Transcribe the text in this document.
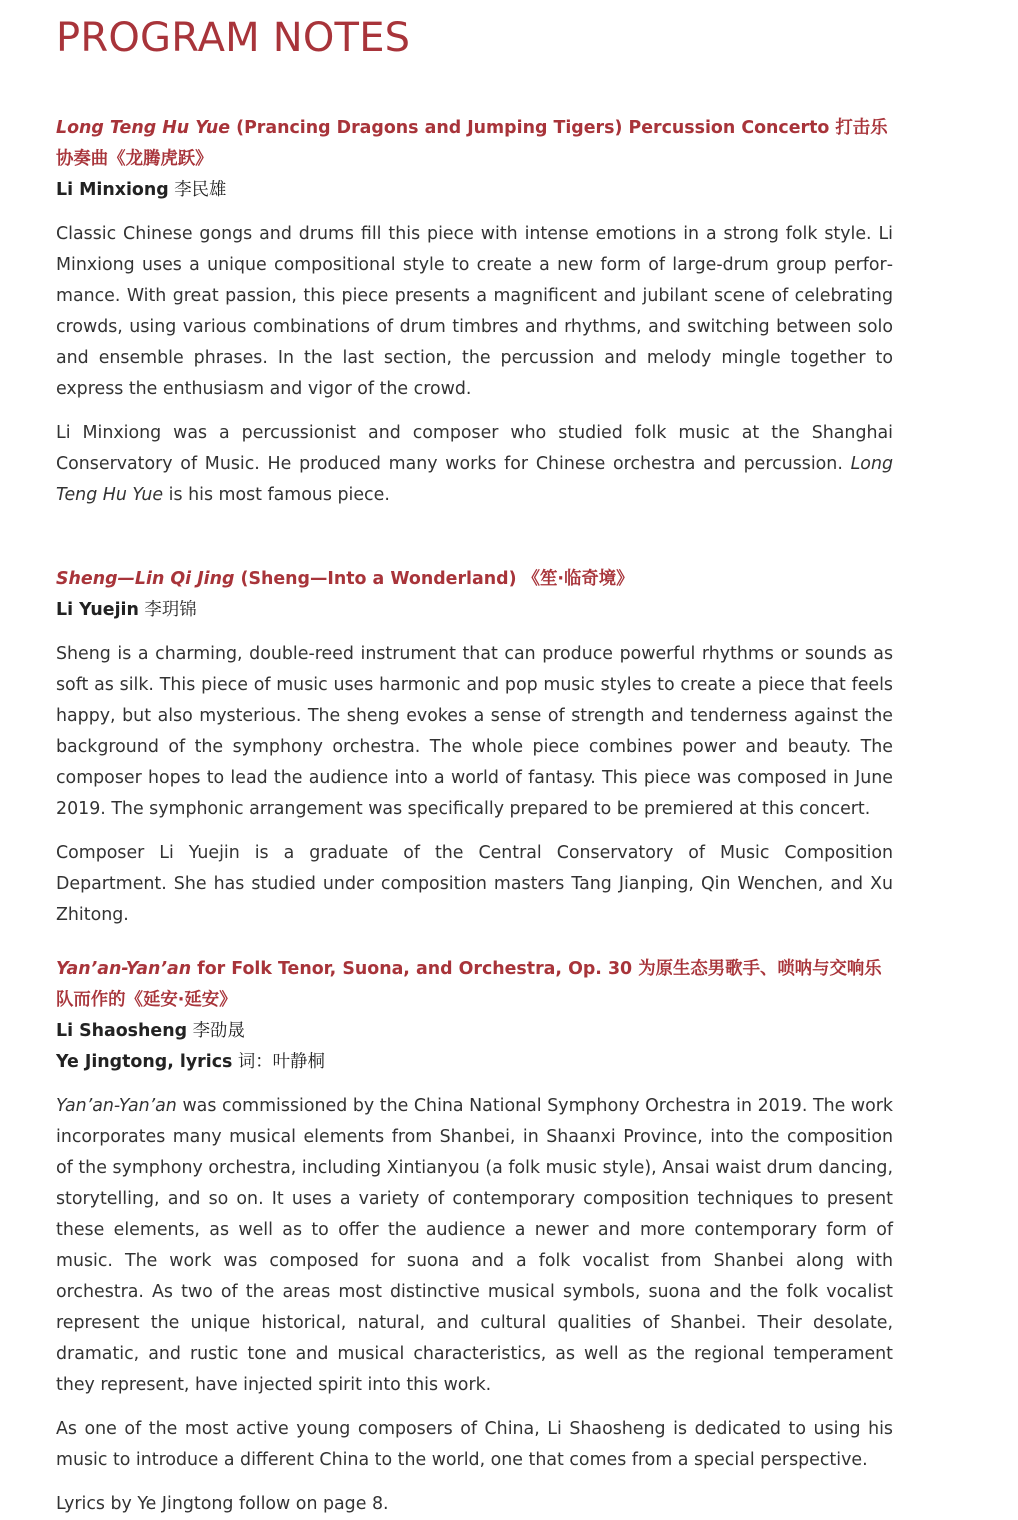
PROGRAM NOTES

Long Teng Hu Yue (Prancing Dragons and Jumping Tigers) Percussion Concerto 打击乐协奏曲《龙腾虎跃》

Li Minxiong 李民雄

Classic Chinese gongs and drums fill this piece with intense emotions in a strong folk style. Li Minxiong uses a unique compositional style to create a new form of large-drum group performance. With great passion, this piece presents a magnificent and jubilant scene of celebrating crowds, using various combinations of drum timbres and rhythms, and switching between solo and ensemble phrases. In the last section, the percussion and melody mingle together to express the enthusiasm and vigor of the crowd.

Li Minxiong was a percussionist and composer who studied folk music at the Shanghai Conservatory of Music. He produced many works for Chinese orchestra and percussion. Long Teng Hu Yue is his most famous piece.

Sheng—Lin Qi Jing (Sheng—Into a Wonderland) 《笙·临奇境》

Li Yuejin 李玥锦

Sheng is a charming, double-reed instrument that can produce powerful rhythms or sounds as soft as silk. This piece of music uses harmonic and pop music styles to create a piece that feels happy, but also mysterious. The sheng evokes a sense of strength and tenderness against the background of the symphony orchestra. The whole piece combines power and beauty. The composer hopes to lead the audience into a world of fantasy. This piece was composed in June 2019. The symphonic arrangement was specifically prepared to be premiered at this concert.

Composer Li Yuejin is a graduate of the Central Conservatory of Music Composition Department. She has studied under composition masters Tang Jianping, Qin Wenchen, and Xu Zhitong.

Yan’an-Yan’an for Folk Tenor, Suona, and Orchestra, Op. 30 为原生态男歌手、唢呐与交响乐队而作的《延安·延安》

Li Shaosheng 李劭晟

Ye Jingtong, lyrics 词：叶静桐

Yan’an-Yan’an was commissioned by the China National Symphony Orchestra in 2019. The work incorporates many musical elements from Shanbei, in Shaanxi Province, into the composition of the symphony orchestra, including Xintianyou (a folk music style), Ansai waist drum dancing, storytelling, and so on. It uses a variety of contemporary composition techniques to present these elements, as well as to offer the audience a newer and more contemporary form of music. The work was composed for suona and a folk vocalist from Shanbei along with orchestra. As two of the areas most distinctive musical symbols, suona and the folk vocalist represent the unique historical, natural, and cultural qualities of Shanbei. Their desolate, dramatic, and rustic tone and musical characteristics, as well as the regional temperament they represent, have injected spirit into this work.

As one of the most active young composers of China, Li Shaosheng is dedicated to using his music to introduce a different China to the world, one that comes from a special perspective.

Lyrics by Ye Jingtong follow on page 8.
